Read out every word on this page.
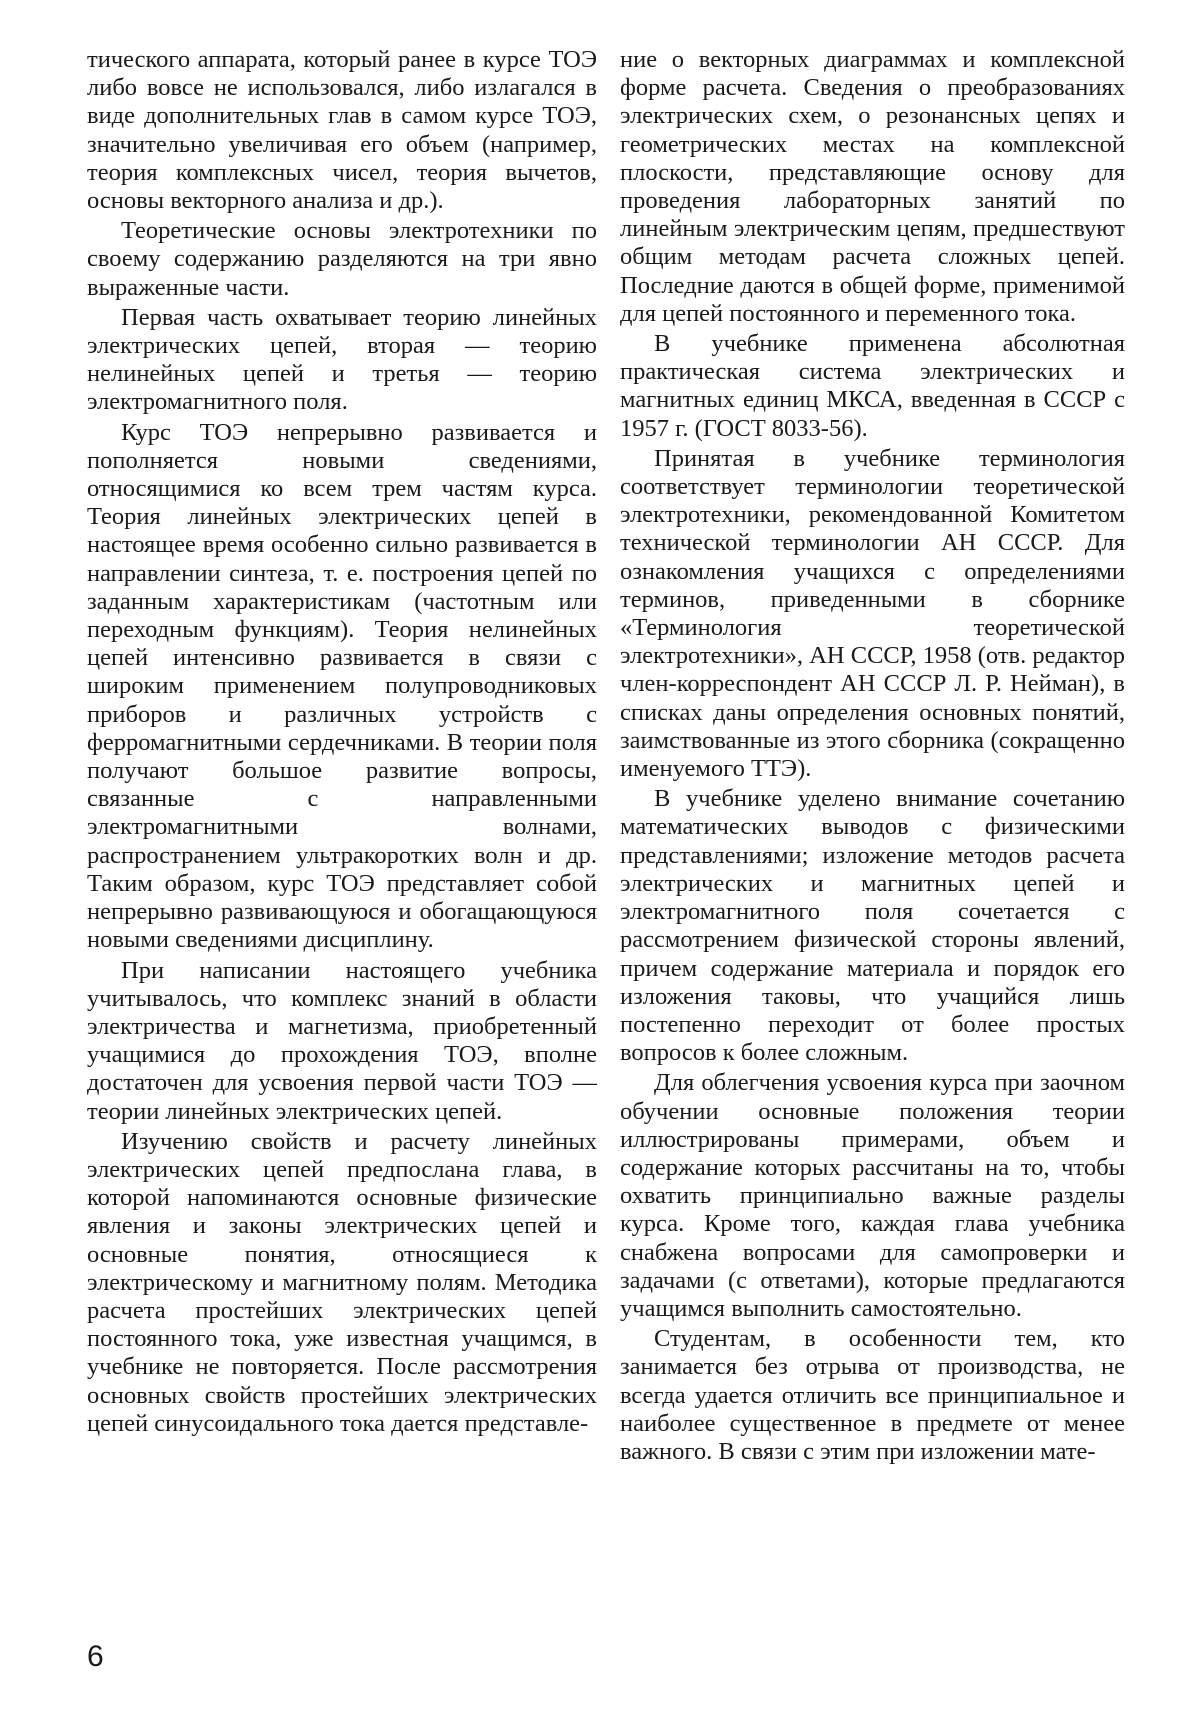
тического аппарата, который ранее в курсе ТОЭ либо вовсе не использовался, либо излагался в виде дополнительных глав в самом курсе ТОЭ, значительно увеличивая его объем (например, теория комплексных чисел, теория вычетов, основы векторного анализа и др.).

Теоретические основы электротехники по своему содержанию разделяются на три явно выраженные части.

Первая часть охватывает теорию линейных электрических цепей, вторая — теорию нелинейных цепей и третья — теорию электромагнитного поля.

Курс ТОЭ непрерывно развивается и пополняется новыми сведениями, относящимися ко всем трем частям курса. Теория линейных электрических цепей в настоящее время особенно сильно развивается в направлении синтеза, т. е. построения цепей по заданным характеристикам (частотным или переходным функциям). Теория нелинейных цепей интенсивно развивается в связи с широким применением полупроводниковых приборов и различных устройств с ферромагнитными сердечниками. В теории поля получают большое развитие вопросы, связанные с направленными электромагнитными волнами, распространением ультракоротких волн и др. Таким образом, курс ТОЭ представляет собой непрерывно развивающуюся и обогащающуюся новыми сведениями дисциплину.

При написании настоящего учебника учитывалось, что комплекс знаний в области электричества и магнетизма, приобретенный учащимися до прохождения ТОЭ, вполне достаточен для усвоения первой части ТОЭ — теории линейных электрических цепей.

Изучению свойств и расчету линейных электрических цепей предпослана глава, в которой напоминаются основные физические явления и законы электрических цепей и основные понятия, относящиеся к электрическому и магнитному полям. Методика расчета простейших электрических цепей постоянного тока, уже известная учащимся, в учебнике не повторяется. После рассмотрения основных свойств простейших электрических цепей синусоидального тока дается представле-

ние о векторных диаграммах и комплексной форме расчета. Сведения о преобразованиях электрических схем, о резонансных цепях и геометрических местах на комплексной плоскости, представляющие основу для проведения лабораторных занятий по линейным электрическим цепям, предшествуют общим методам расчета сложных цепей. Последние даются в общей форме, применимой для цепей постоянного и переменного тока.

В учебнике применена абсолютная практическая система электрических и магнитных единиц МКСА, введенная в СССР с 1957 г. (ГОСТ 8033-56).

Принятая в учебнике терминология соответствует терминологии теоретической электротехники, рекомендованной Комитетом технической терминологии АН СССР. Для ознакомления учащихся с определениями терминов, приведенными в сборнике «Терминология теоретической электротехники», АН СССР, 1958 (отв. редактор член-корреспондент АН СССР Л. Р. Нейман), в списках даны определения основных понятий, заимствованные из этого сборника (сокращенно именуемого ТТЭ).

В учебнике уделено внимание сочетанию математических выводов с физическими представлениями; изложение методов расчета электрических и магнитных цепей и электромагнитного поля сочетается с рассмотрением физической стороны явлений, причем содержание материала и порядок его изложения таковы, что учащийся лишь постепенно переходит от более простых вопросов к более сложным.

Для облегчения усвоения курса при заочном обучении основные положения теории иллюстрированы примерами, объем и содержание которых рассчитаны на то, чтобы охватить принципиально важные разделы курса. Кроме того, каждая глава учебника снабжена вопросами для самопроверки и задачами (с ответами), которые предлагаются учащимся выполнить самостоятельно.

Студентам, в особенности тем, кто занимается без отрыва от производства, не всегда удается отличить все принципиальное и наиболее существенное в предмете от менее важного. В связи с этим при изложении мате-

6
